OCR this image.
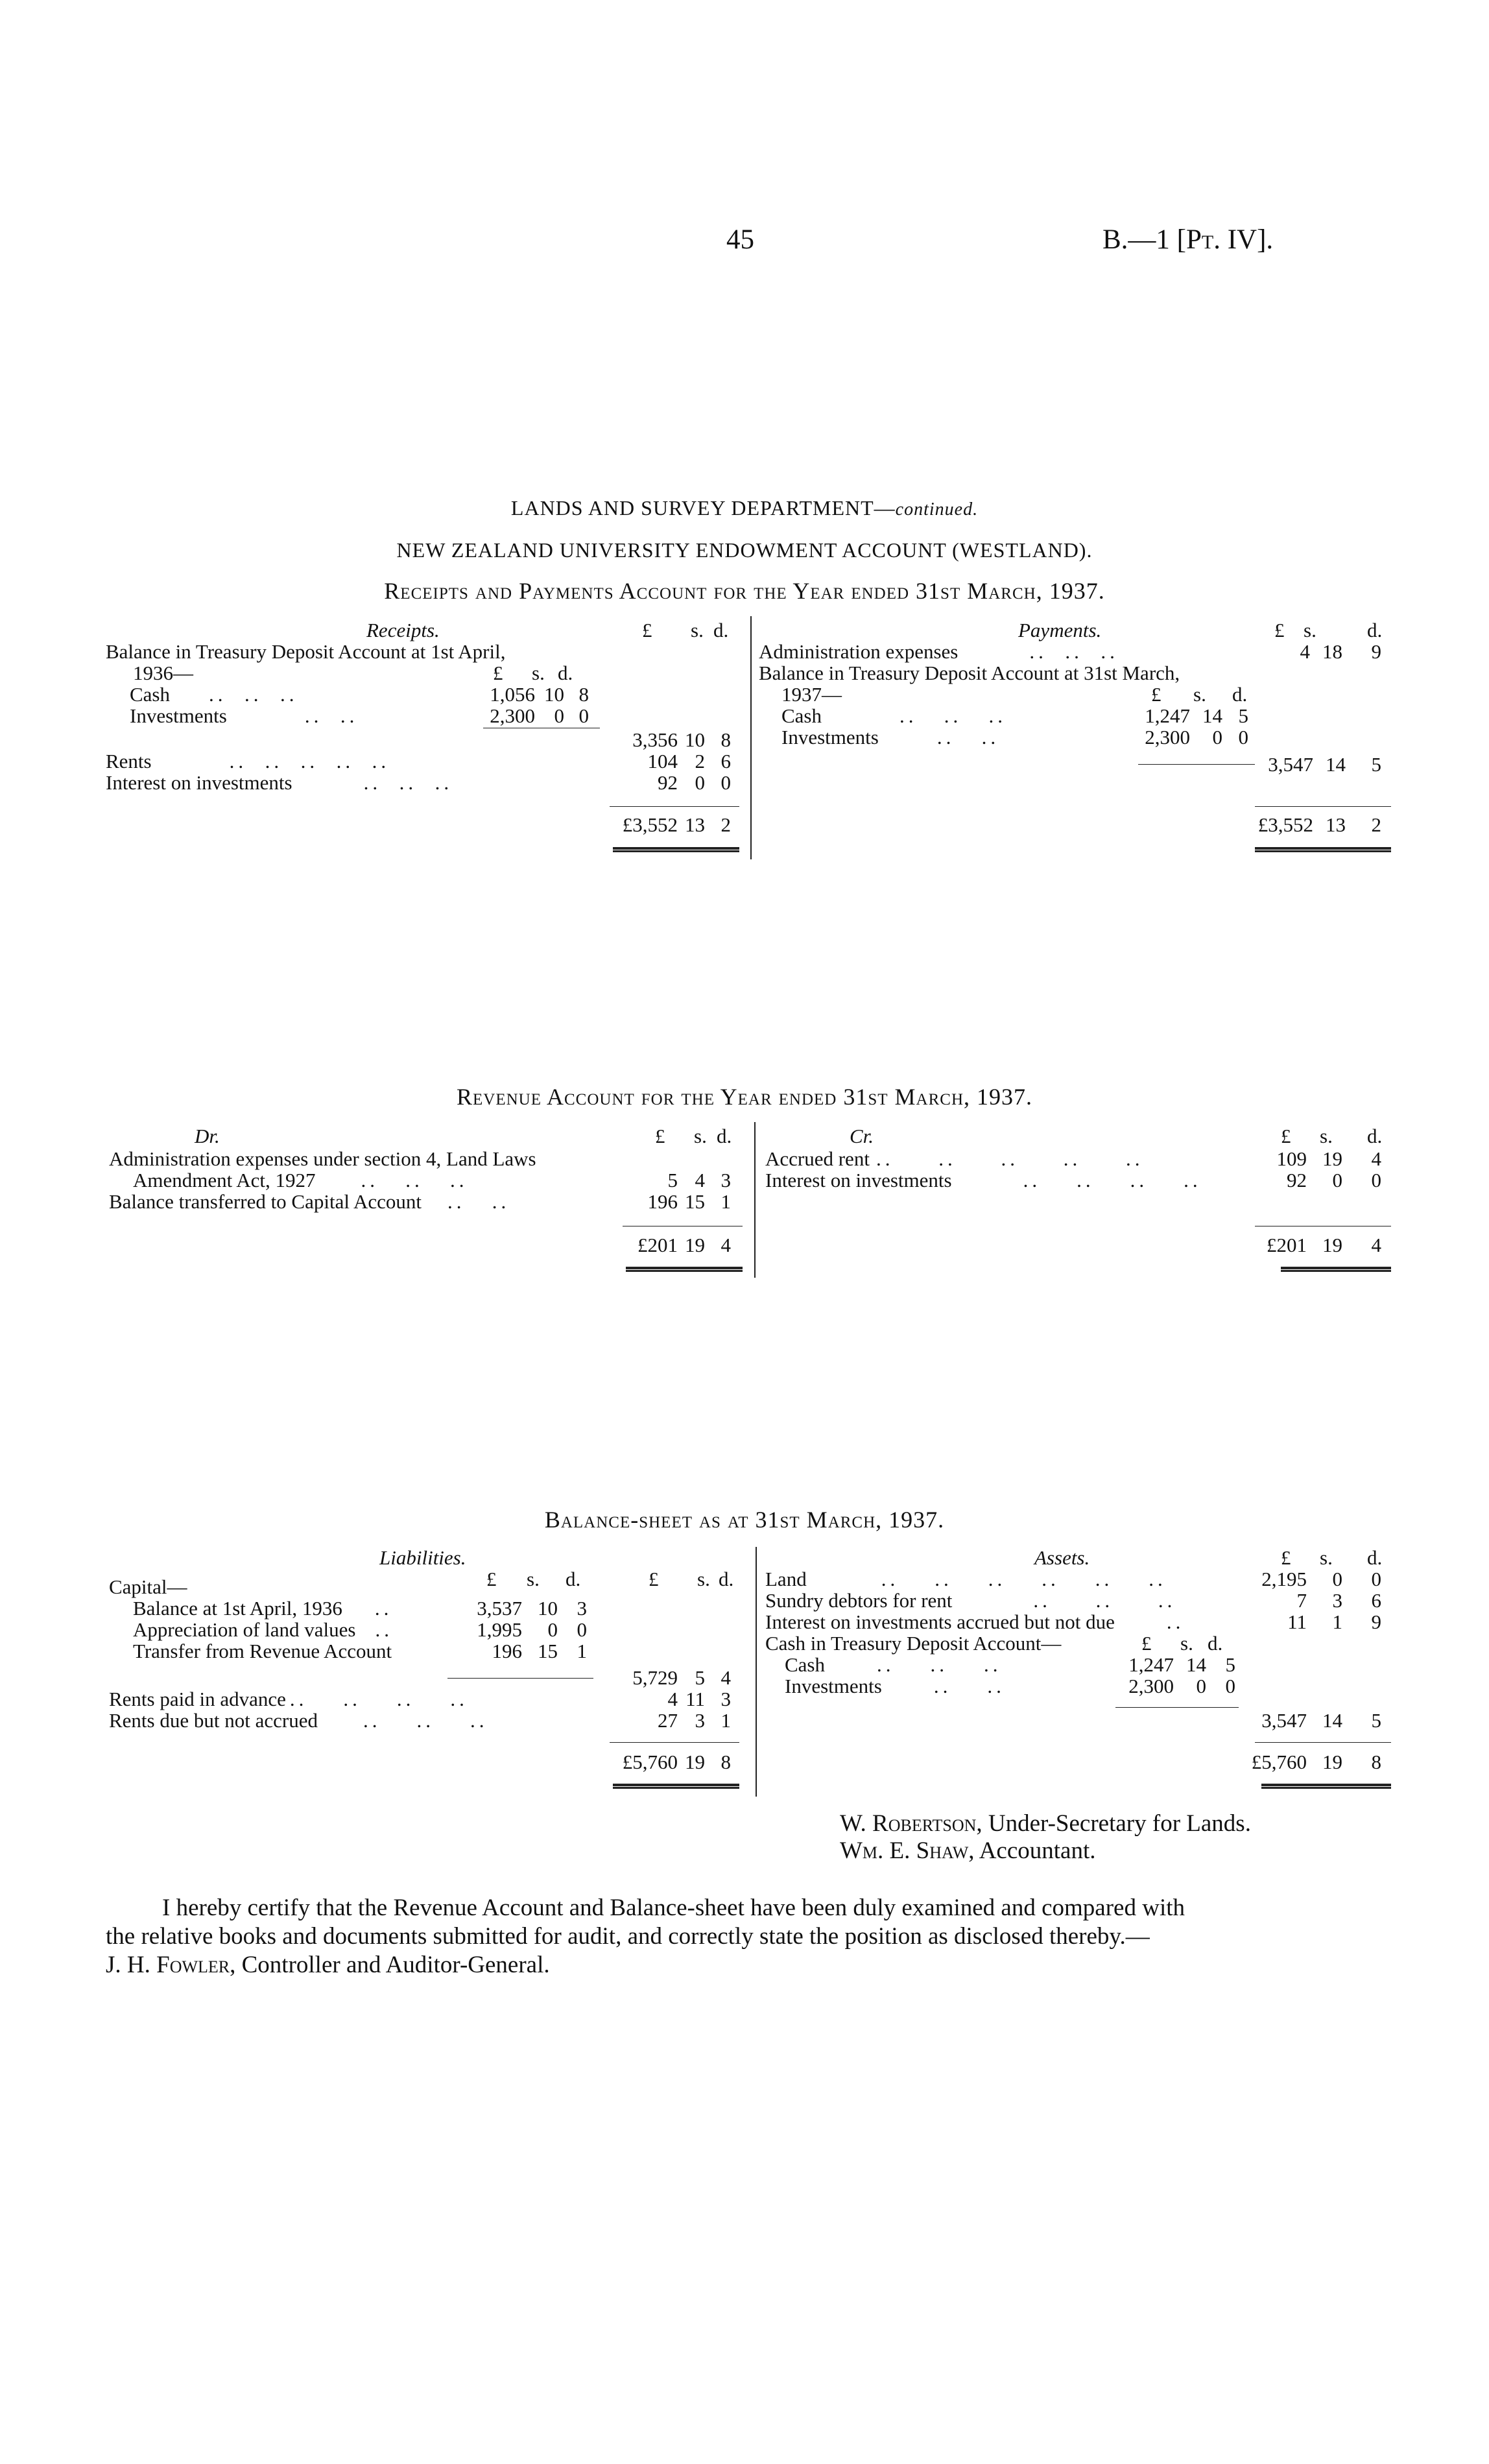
45	B.—1 [Pt. IV].
LANDS AND SURVEY DEPARTMENT—continued.
NEW ZEALAND UNIVERSITY ENDOWMENT ACCOUNT (WESTLAND).
Receipts and Payments Account for the Year ended 31st March, 1937.
Receipts.	£ s. d.
Balance in Treasury Deposit Account at 1st April,
1936—	£ s. d.
Cash ..  ..  ..	1,056 10 8
Investments	..  ..	2,300 0 0
3,356 10 8
Rents	..  ..  ..  ..  ..	104 2 6
Interest on investments	..  ..  ..	92 0 0
£3,552 13 2
Payments.	£ s.	d.
Administration expenses	..  ..  ..	4 18	9
Balance in Treasury Deposit Account at 31st March,
1937—	£ s. d.
Cash	..   ..   ..	1,247 14 5
Investments	..   ..	2,300	0 0
3,547 14	5
£3,552 13	2
Revenue Account for the Year ended 31st March, 1937.
Dr.	£ s. d.
Administration expenses under section 4, Land Laws
Amendment Act, 1927 ..   ..   ..	5 4 3
Balance transferred to Capital Account ..   ..	196 15 1
£201 19 4
Cr.	£ s. d.
Accrued rent ..     ..     ..     ..     ..	109 19	4
Interest on investments	..    ..    ..    ..	92	0	0
£201 19	4
Balance-sheet as at 31st March, 1937.
Liabilities.
£ s. d.	£ s. d.
Capital—
Balance at 1st April, 1936 ..	3,537 10 3
Appreciation of land values ..	1,995	0 0
Transfer from Revenue Account	196 15 1
5,729 5 4
Rents paid in advance ..    ..    ..    ..	4 11 3
Rents due but not accrued ..    ..    ..	27 3 1
£5,760 19 8
Assets.	£ s. d.
Land	..    ..    ..    ..    ..    ..	2,195	0	0
Sundry debtors for rent	..     ..     ..	7	3	6
Interest on investments accrued but not due	..	11	1	9
Cash in Treasury Deposit Account—	£ s. d.
Cash	..    ..    ..	1,247 14 5
Investments	..    ..	2,300	0 0
3,547 14	5
£5,760 19	8
W. Robertson, Under-Secretary for Lands.
Wm. E. Shaw, Accountant.
I hereby certify that the Revenue Account and Balance-sheet have been duly examined and compared with
the relative books and documents submitted for audit, and correctly state the position as disclosed thereby.—
J. H. Fowler, Controller and Auditor-General.
